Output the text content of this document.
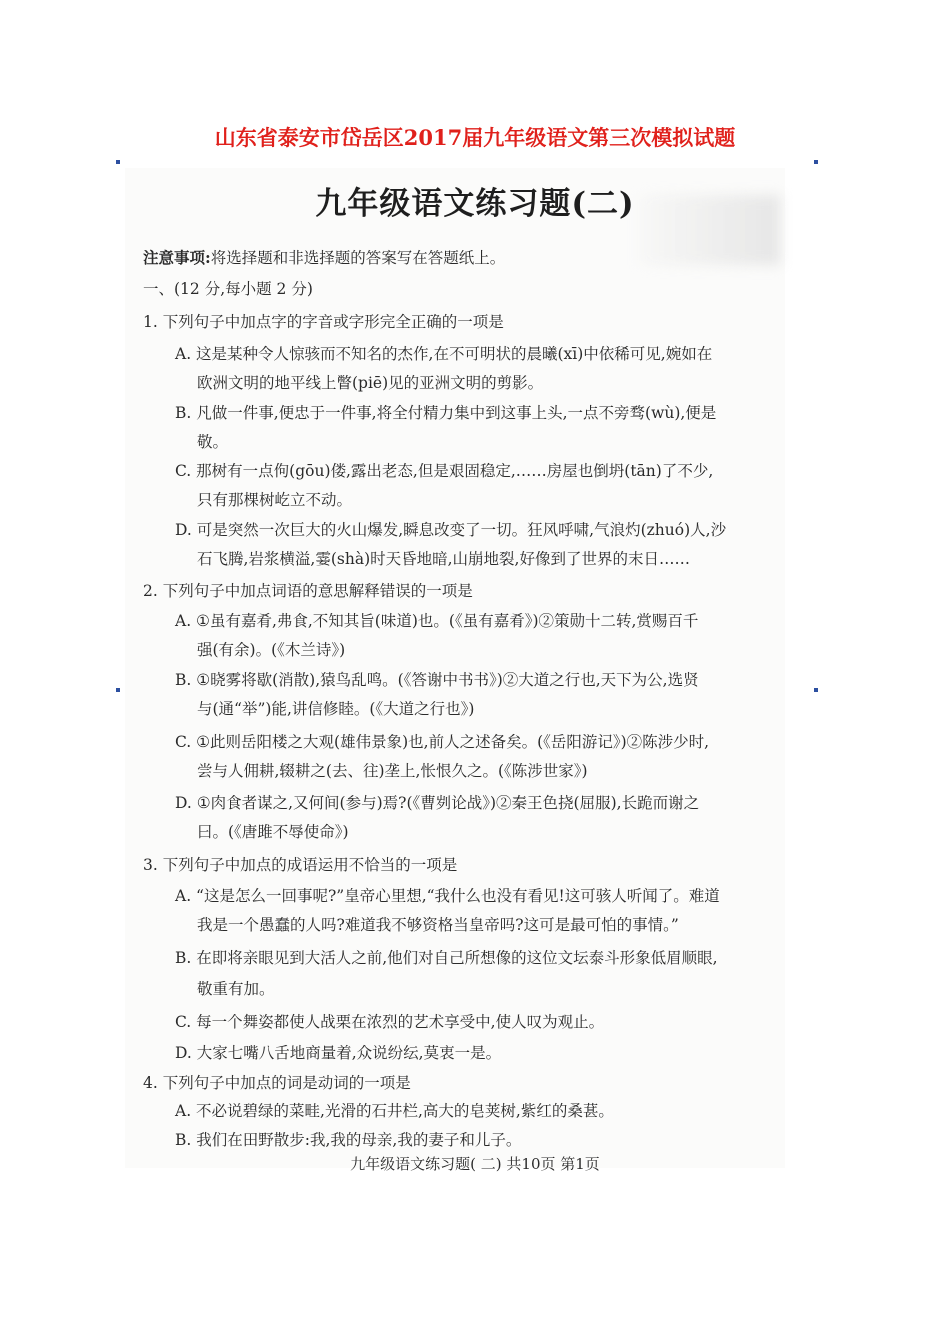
山东省泰安市岱岳区2017届九年级语文第三次模拟试题
九年级语文练习题(二)
注意事项:将选择题和非选择题的答案写在答题纸上。
一、(12 分,每小题 2 分)
1. 下列句子中加点字的字音或字形完全正确的一项是
A. 这是某种令人惊骇而不知名的杰作,在不可明状的晨曦(xī)中依稀可见,婉如在
欧洲文明的地平线上瞥(piē)见的亚洲文明的剪影。
B. 凡做一件事,便忠于一件事,将全付精力集中到这事上头,一点不旁骛(wù),便是
敬。
C. 那树有一点佝(gōu)偻,露出老态,但是艰固稳定,……房屋也倒坍(tān)了不少,
只有那棵树屹立不动。
D. 可是突然一次巨大的火山爆发,瞬息改变了一切。狂风呼啸,气浪灼(zhuó)人,沙
石飞腾,岩浆横溢,霎(shà)时天昏地暗,山崩地裂,好像到了世界的末日……
2. 下列句子中加点词语的意思解释错误的一项是
A. ①虽有嘉肴,弗食,不知其旨(味道)也。(《虽有嘉肴》)②策勋十二转,赏赐百千
强(有余)。(《木兰诗》)
B. ①晓雾将歇(消散),猿鸟乱鸣。(《答谢中书书》)②大道之行也,天下为公,选贤
与(通“举”)能,讲信修睦。(《大道之行也》)
C. ①此则岳阳楼之大观(雄伟景象)也,前人之述备矣。(《岳阳游记》)②陈涉少时,
尝与人佣耕,辍耕之(去、往)垄上,怅恨久之。(《陈涉世家》)
D. ①肉食者谋之,又何间(参与)焉?(《曹刿论战》)②秦王色挠(屈服),长跪而谢之
曰。(《唐雎不辱使命》)
3. 下列句子中加点的成语运用不恰当的一项是
A. “这是怎么一回事呢?”皇帝心里想,“我什么也没有看见!这可骇人听闻了。难道
我是一个愚蠢的人吗?难道我不够资格当皇帝吗?这可是最可怕的事情。”
B. 在即将亲眼见到大活人之前,他们对自己所想像的这位文坛泰斗形象低眉顺眼,
敬重有加。
C. 每一个舞姿都使人战栗在浓烈的艺术享受中,使人叹为观止。
D. 大家七嘴八舌地商量着,众说纷纭,莫衷一是。
4. 下列句子中加点的词是动词的一项是
A. 不必说碧绿的菜畦,光滑的石井栏,高大的皂荚树,紫红的桑葚。
B. 我们在田野散步:我,我的母亲,我的妻子和儿子。
九年级语文练习题( 二) 共10页 第1页
